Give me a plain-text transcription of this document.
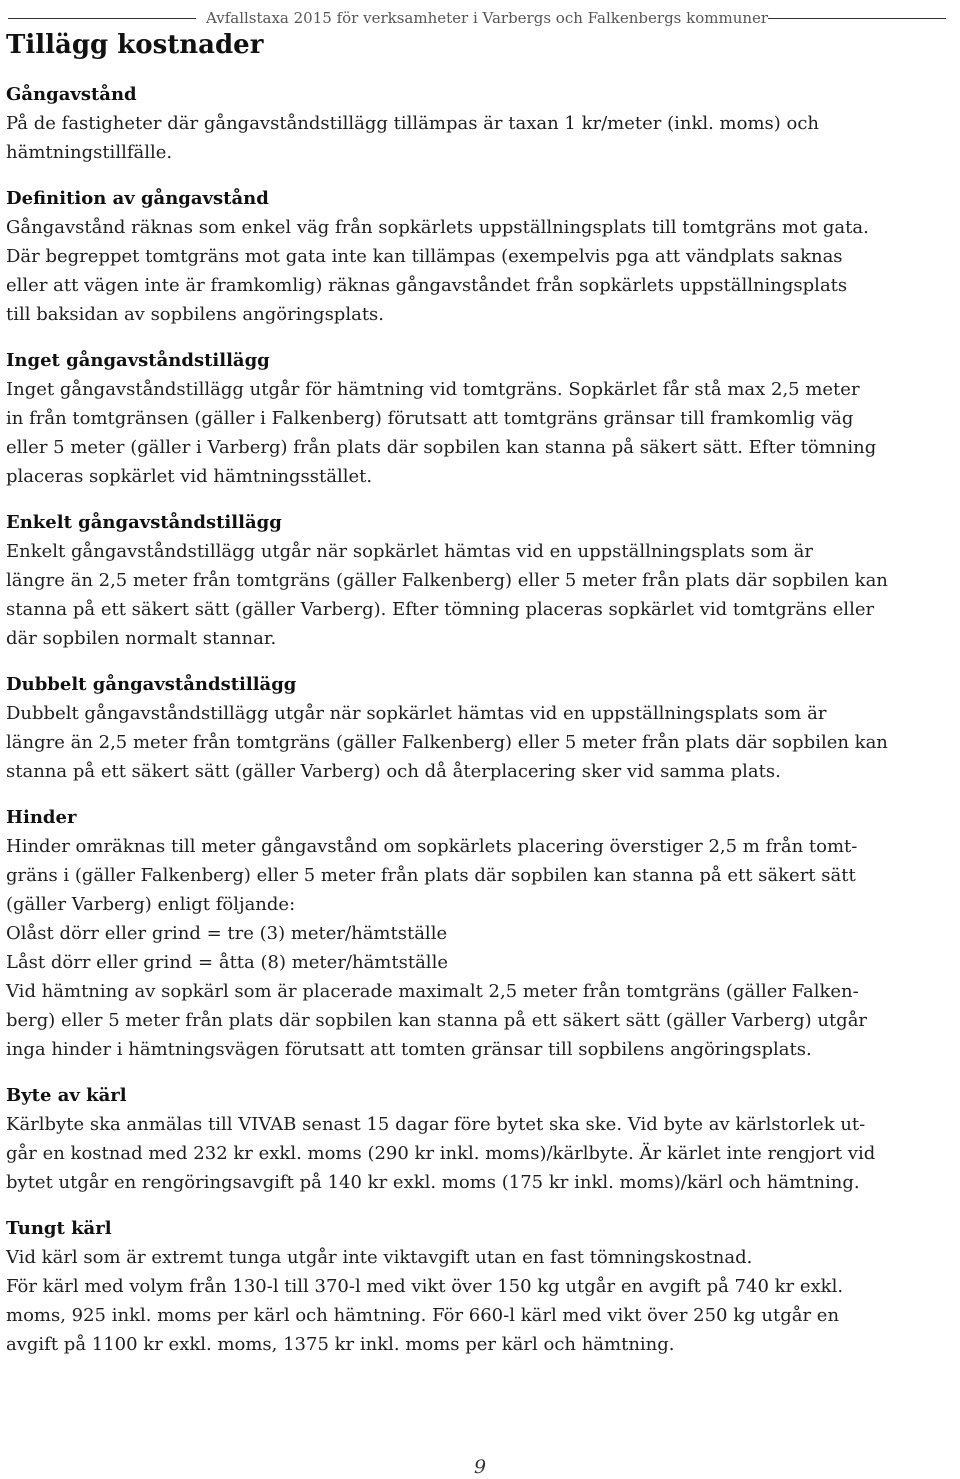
Avfallstaxa 2015 för verksamheter i Varbergs och Falkenbergs kommuner
Tillägg kostnader
Gångavstånd

På de fastigheter där gångavståndstillägg tillämpas är taxan 1 kr/meter (inkl. moms) och
hämtningstillfälle.

Definition av gångavstånd

Gångavstånd räknas som enkel väg från sopkärlets uppställningsplats till tomtgräns mot gata.
Där begreppet tomtgräns mot gata inte kan tillämpas (exempelvis pga att vändplats saknas
eller att vägen inte är framkomlig) räknas gångavståndet från sopkärlets uppställningsplats
till baksidan av sopbilens angöringsplats.

Inget gångavståndstillägg

Inget gångavståndstillägg utgår för hämtning vid tomtgräns. Sopkärlet får stå max 2,5 meter
in från tomtgränsen (gäller i Falkenberg) förutsatt att tomtgräns gränsar till framkomlig väg
eller 5 meter (gäller i Varberg) från plats där sopbilen kan stanna på säkert sätt. Efter tömning
placeras sopkärlet vid hämtningsstället.

Enkelt gångavståndstillägg

Enkelt gångavståndstillägg utgår när sopkärlet hämtas vid en uppställningsplats som är
längre än 2,5 meter från tomtgräns (gäller Falkenberg) eller 5 meter från plats där sopbilen kan
stanna på ett säkert sätt (gäller Varberg). Efter tömning placeras sopkärlet vid tomtgräns eller
där sopbilen normalt stannar.

Dubbelt gångavståndstillägg

Dubbelt gångavståndstillägg utgår när sopkärlet hämtas vid en uppställningsplats som är
längre än 2,5 meter från tomtgräns (gäller Falkenberg) eller 5 meter från plats där sopbilen kan
stanna på ett säkert sätt (gäller Varberg) och då återplacering sker vid samma plats.

Hinder

Hinder omräknas till meter gångavstånd om sopkärlets placering överstiger 2,5 m från tomt-
gräns i (gäller Falkenberg) eller 5 meter från plats där sopbilen kan stanna på ett säkert sätt
(gäller Varberg) enligt följande:
Olåst dörr eller grind = tre (3) meter/hämtställe
Låst dörr eller grind = åtta (8) meter/hämtställe
Vid hämtning av sopkärl som är placerade maximalt 2,5 meter från tomtgräns (gäller Falken-
berg) eller 5 meter från plats där sopbilen kan stanna på ett säkert sätt (gäller Varberg) utgår
inga hinder i hämtningsvägen förutsatt att tomten gränsar till sopbilens angöringsplats.

Byte av kärl

Kärlbyte ska anmälas till VIVAB senast 15 dagar före bytet ska ske. Vid byte av kärlstorlek ut-
går en kostnad med 232 kr exkl. moms (290 kr inkl. moms)/kärlbyte. Är kärlet inte rengjort vid
bytet utgår en rengöringsavgift på 140 kr exkl. moms (175 kr inkl. moms)/kärl och hämtning.

Tungt kärl

Vid kärl som är extremt tunga utgår inte viktavgift utan en fast tömningskostnad.
För kärl med volym från 130-l till 370-l med vikt över 150 kg utgår en avgift på 740 kr exkl.
moms, 925 inkl. moms per kärl och hämtning. För 660-l kärl med vikt över 250 kg utgår en
avgift på 1100 kr exkl. moms, 1375 kr inkl. moms per kärl och hämtning.

9
